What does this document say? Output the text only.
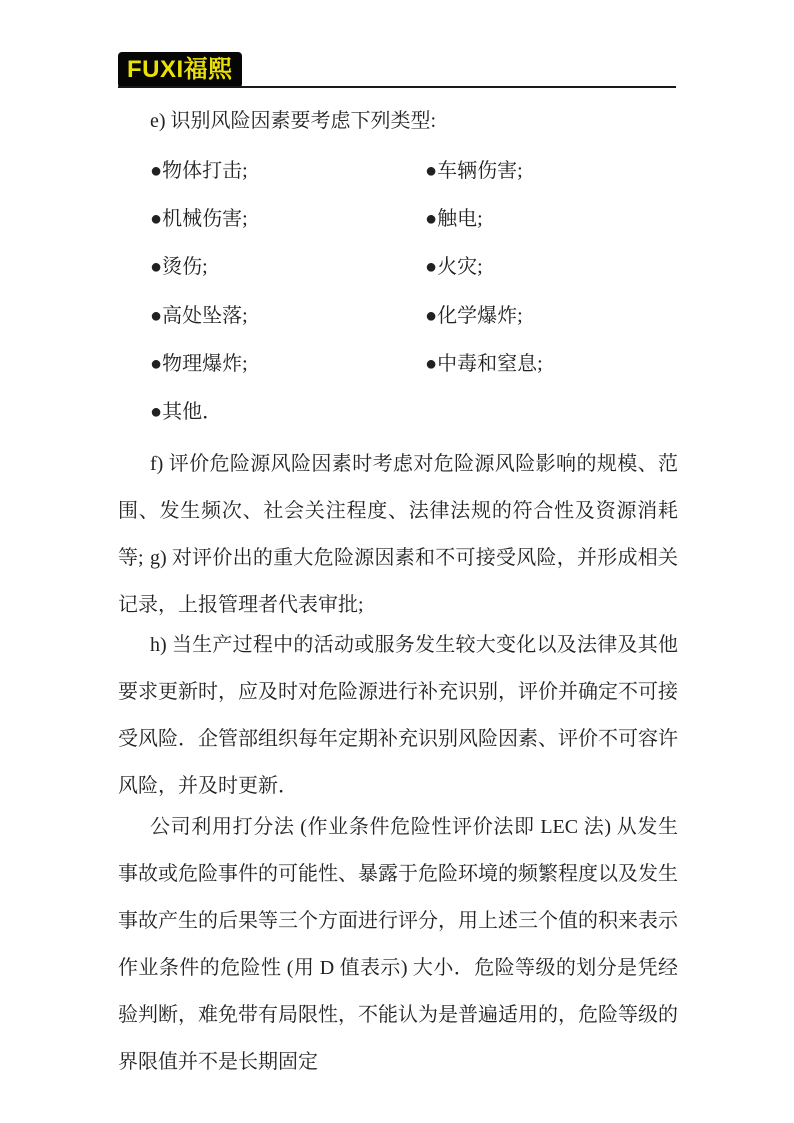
FUXI福熙

e) 识别风险因素要考虑下列类型:

●物体打击;	●车辆伤害;
●机械伤害;	●触电;
●烫伤;	●火灾;
●高处坠落;	●化学爆炸;
●物理爆炸;	●中毒和窒息;
●其他．

f) 评价危险源风险因素时考虑对危险源风险影响的规模、范围、发生频次、社会关注程度、法律法规的符合性及资源消耗等; g) 对评价出的重大危险源因素和不可接受风险，并形成相关记录，上报管理者代表审批;

h) 当生产过程中的活动或服务发生较大变化以及法律及其他要求更新时，应及时对危险源进行补充识别，评价并确定不可接受风险．企管部组织每年定期补充识别风险因素、评价不可容许风险，并及时更新．

公司利用打分法 (作业条件危险性评价法即 LEC 法) 从发生事故或危险事件的可能性、暴露于危险环境的频繁程度以及发生事故产生的后果等三个方面进行评分，用上述三个值的积来表示作业条件的危险性 (用 D 值表示) 大小．危险等级的划分是凭经验判断，难免带有局限性，不能认为是普遍适用的，危险等级的界限值并不是长期固定
